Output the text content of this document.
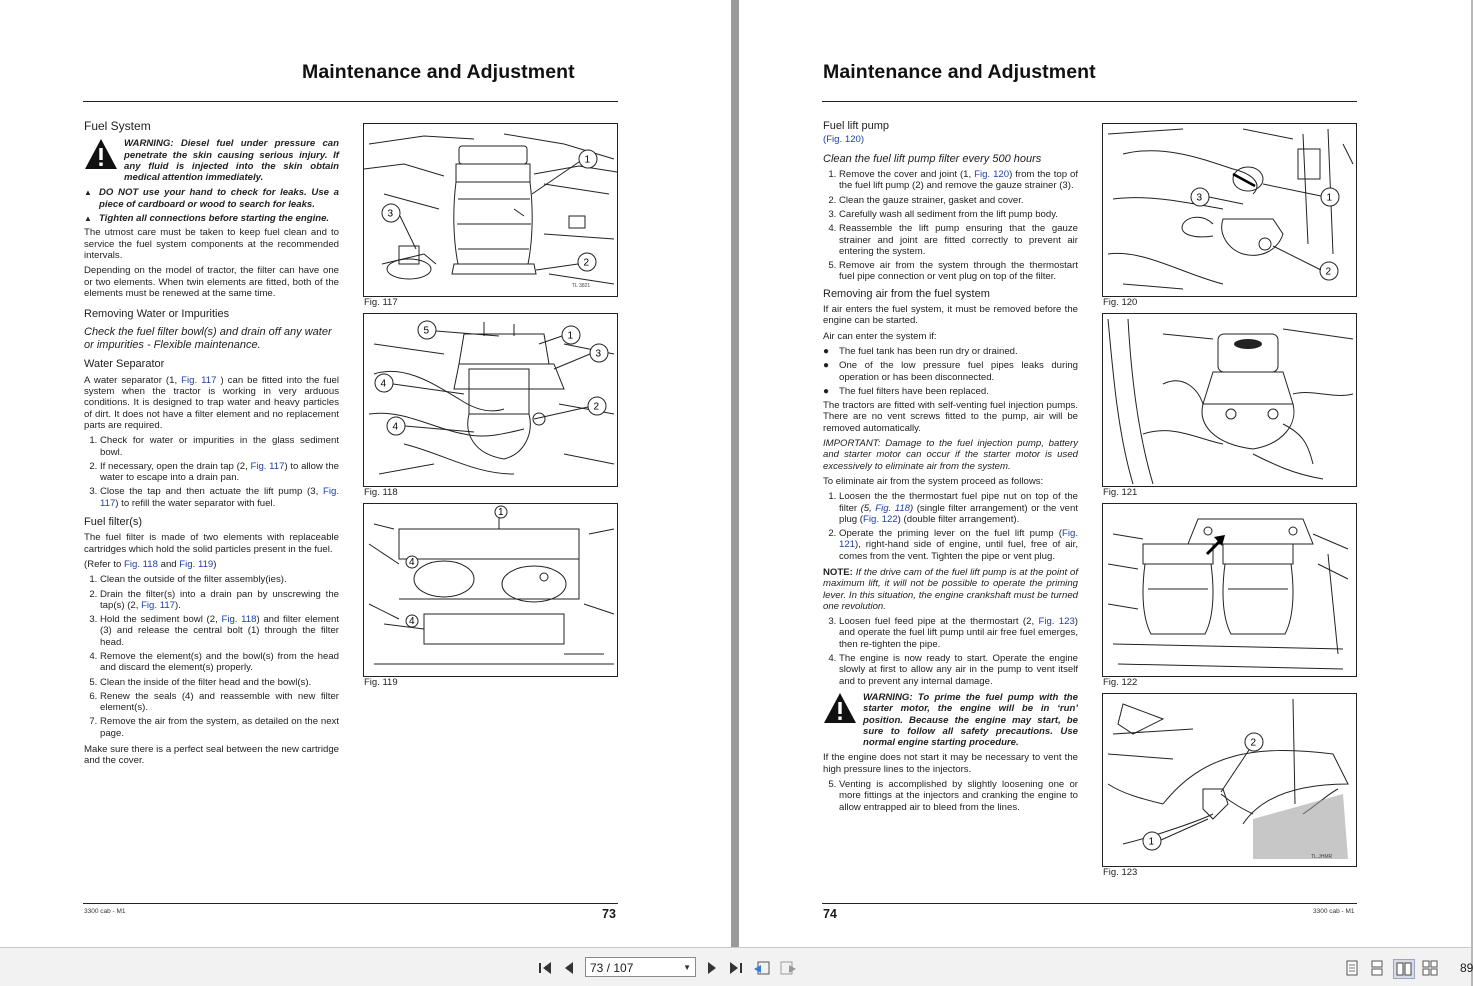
Maintenance and Adjustment
Fuel System
WARNING: Diesel fuel under pressure can penetrate the skin causing serious injury. If any fluid is injected into the skin obtain medical attention immediately.
▲ DO NOT use your hand to check for leaks. Use a piece of cardboard or wood to search for leaks.
▲ Tighten all connections before starting the engine.

The utmost care must be taken to keep fuel clean and to service the fuel system components at the recommended intervals.

Depending on the model of tractor, the filter can have one or two elements. When twin elements are fitted, both of the elements must be renewed at the same time.

Removing Water or Impurities
Check the fuel filter bowl(s) and drain off any water or impurities - Flexible maintenance.
Water Separator

A water separator (1, Fig. 117 ) can be fitted into the fuel system when the tractor is working in very arduous conditions. It is designed to trap water and heavy particles of dirt. It does not have a filter element and no replacement parts are required.

1. Check for water or impurities in the glass sediment bowl.
2. If necessary, open the drain tap (2, Fig. 117) to allow the water to escape into a drain pan.
3. Close the tap and then actuate the lift pump (3, Fig. 117) to refill the water separator with fuel.
Fuel filter(s)

The fuel filter is made of two elements with replaceable cartridges which hold the solid particles present in the fuel.

(Refer to Fig. 118 and Fig. 119)

1. Clean the outside of the filter assembly(ies).
2. Drain the filter(s) into a drain pan by unscrewing the tap(s) (2, Fig. 117).
3. Hold the sediment bowl (2, Fig. 118) and filter element (3) and release the central bolt (1) through the filter head.
4. Remove the element(s) and the bowl(s) from the head and discard the element(s) properly.
5. Clean the inside of the filter head and the bowl(s).
6. Renew the seals (4) and reassemble with new filter element(s).
7. Remove the air from the system, as detailed on the next page.

Make sure there is a perfect seal between the new cartridge and the cover.

1
2
3
TL 3821
Fig. 117
5	1
3
4
2
4
Fig. 118
1
4
4
Fig. 119
3300 cab - M1	73
Maintenance and Adjustment
Fuel lift pump
(Fig. 120)
Clean the fuel lift pump filter every 500 hours
1. Remove the cover and joint (1, Fig. 120) from the top of the fuel lift pump (2) and remove the gauze strainer (3).
2. Clean the gauze strainer, gasket and cover.
3. Carefully wash all sediment from the lift pump body.
4. Reassemble the lift pump ensuring that the gauze strainer and joint are fitted correctly to prevent air entering the system.
5. Remove air from the system through the thermostart fuel pipe connection or vent plug on top of the filter.
Removing air from the fuel system

If air enters the fuel system, it must be removed before the engine can be started.

Air can enter the system if:

●	The fuel tank has been run dry or drained.
●	One of the low pressure fuel pipes leaks during operation or has been disconnected.
●	The fuel filters have been replaced.

The tractors are fitted with self-venting fuel injection pumps. There are no vent screws fitted to the pump, air will be removed automatically.

IMPORTANT: Damage to the fuel injection pump, battery and starter motor can occur if the starter motor is used excessively to eliminate air from the system.

To eliminate air from the system proceed as follows:

1. Loosen the the thermostart fuel pipe nut on top of the filter (5, Fig. 118) (single filter arrangement) or the vent plug (Fig. 122) (double filter arrangement).
2. Operate the priming lever on the fuel lift pump (Fig. 121), right-hand side of engine, until fuel, free of air, comes from the vent. Tighten the pipe or vent plug.

NOTE: If the drive cam of the fuel lift pump is at the point of maximum lift, it will not be possible to operate the priming lever. In this situation, the engine crankshaft must be turned one revolution.

3. Loosen fuel feed pipe at the thermostart (2, Fig. 123) and operate the fuel lift pump until air free fuel emerges, then re-tighten the pipe.
4. The engine is now ready to start. Operate the engine slowly at first to allow any air in the pump to vent itself and to prevent any internal damage.
WARNING: To prime the fuel pump with the starter motor, the engine will be in ‘run’ position. Because the engine may start, be sure to follow all safety precautions. Use normal engine starting procedure.

If the engine does not start it may be necessary to vent the high pressure lines to the injectors.

5. Venting is accomplished by slightly loosening one or more fittings at the injectors and cranking the engine to allow entrapped air to bleed from the lines.
1
3
2
Fig. 120
Fig. 121
Fig. 122
2
1
TL.JHMR
Fig. 123
74	3300 cab - M1
73 / 107	▼	89
